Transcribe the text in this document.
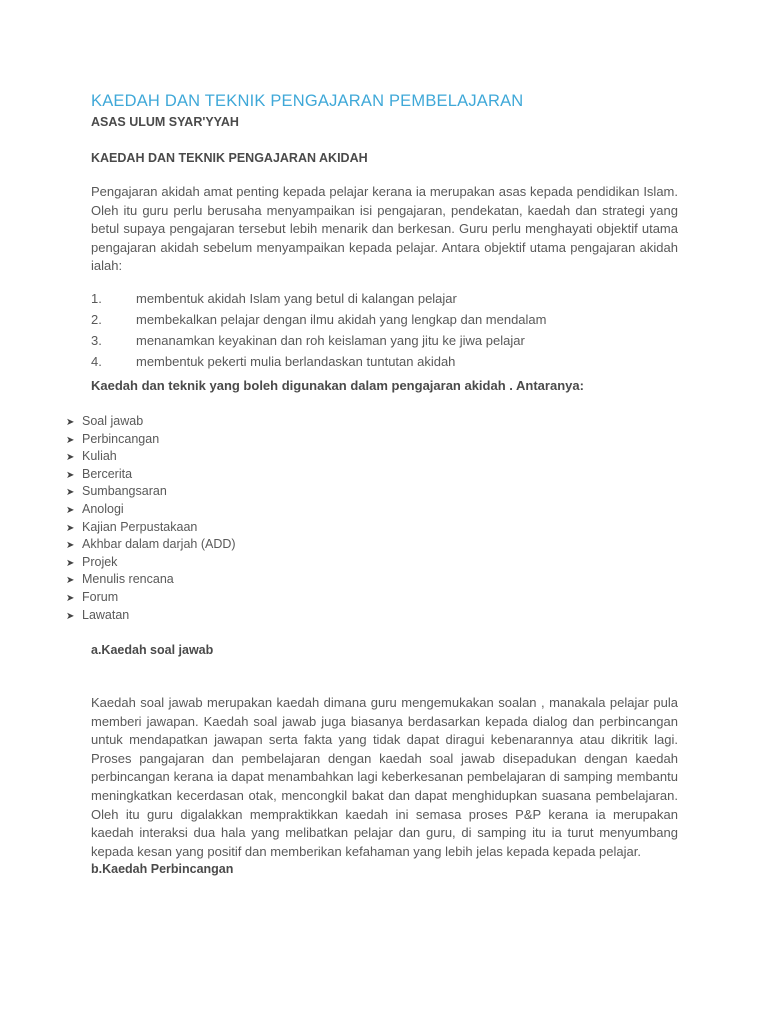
KAEDAH DAN TEKNIK PENGAJARAN PEMBELAJARAN
ASAS ULUM SYAR'YYAH
KAEDAH DAN TEKNIK PENGAJARAN AKIDAH

Pengajaran akidah amat penting kepada pelajar kerana ia merupakan asas kepada pendidikan Islam. Oleh itu guru perlu berusaha menyampaikan isi pengajaran, pendekatan, kaedah dan strategi yang betul supaya pengajaran tersebut lebih menarik dan berkesan. Guru perlu menghayati objektif utama pengajaran akidah sebelum menyampaikan kepada pelajar. Antara objektif utama pengajaran akidah ialah:

1.	membentuk akidah Islam yang betul di kalangan pelajar
2.	membekalkan pelajar dengan ilmu akidah yang lengkap dan mendalam
3.	menanamkan keyakinan dan roh keislaman yang jitu ke jiwa pelajar
4.	membentuk pekerti mulia berlandaskan tuntutan akidah
Kaedah dan teknik yang boleh digunakan dalam pengajaran akidah . Antaranya:
➤ Soal jawab
➤ Perbincangan
➤ Kuliah
➤ Bercerita
➤ Sumbangsaran
➤ Anologi
➤ Kajian Perpustakaan
➤ Akhbar dalam darjah (ADD)
➤ Projek
➤ Menulis rencana
➤ Forum
➤ Lawatan
a.Kaedah soal jawab

Kaedah soal jawab merupakan kaedah dimana guru mengemukakan soalan , manakala pelajar pula memberi jawapan. Kaedah soal jawab juga biasanya berdasarkan kepada dialog dan perbincangan untuk mendapatkan jawapan serta fakta yang tidak dapat diragui kebenarannya atau dikritik lagi. Proses pangajaran dan pembelajaran dengan kaedah soal jawab disepadukan dengan kaedah perbincangan kerana ia dapat menambahkan lagi keberkesanan pembelajaran di samping membantu meningkatkan kecerdasan otak, mencongkil bakat dan dapat menghidupkan suasana pembelajaran. Oleh itu guru digalakkan mempraktikkan kaedah ini semasa proses P&P kerana ia merupakan kaedah interaksi dua hala yang melibatkan pelajar dan guru, di samping itu ia turut menyumbang kepada kesan yang positif dan memberikan kefahaman yang lebih jelas kepada kepada pelajar.

b.Kaedah Perbincangan
